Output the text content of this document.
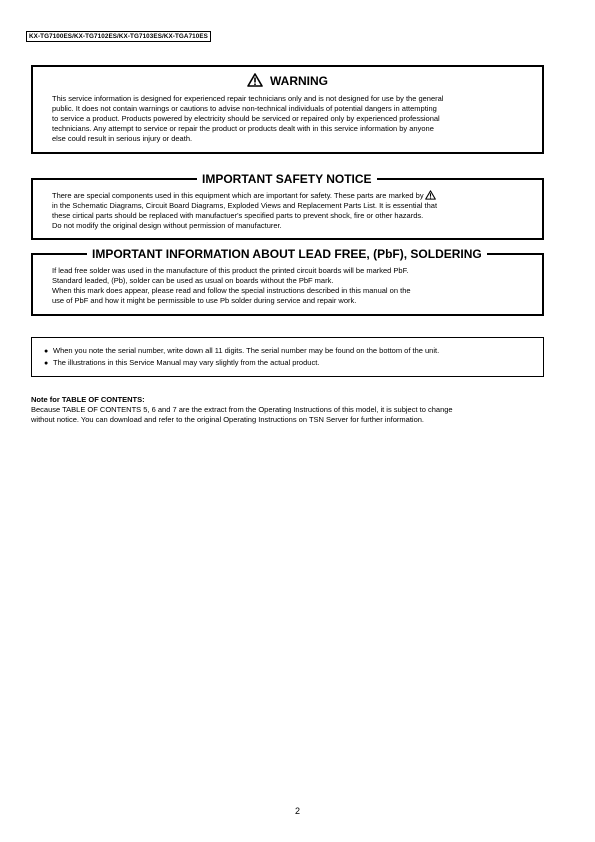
KX-TG7100ES/KX-TG7102ES/KX-TG7103ES/KX-TGA710ES
WARNING

This service information is designed for experienced repair technicians only and is not designed for use by the general

public. It does not contain warnings or cautions to advise non-technical individuals of potential dangers in attempting

to service a product. Products powered by electricity should be serviced or repaired only by experienced professional

technicians. Any attempt to service or repair the product or products dealt with in this service information by anyone

else could result in serious injury or death.

IMPORTANT SAFETY NOTICE

There are special components used in this equipment which are important for safety. These parts are marked by

in the Schematic Diagrams, Circuit Board Diagrams, Exploded Views and Replacement Parts List. It is essential that

these cirtical parts should be replaced with manufactuer's specified parts to prevent shock, fire or other hazards.

Do not modify the original design without permission of manufacturer.

IMPORTANT INFORMATION ABOUT LEAD FREE, (PbF), SOLDERING

If lead free solder was used in the manufacture of this product the printed circuit boards will be marked PbF.

Standard leaded, (Pb), solder can be used as usual on boards without the PbF mark.

When this mark does appear, please read and follow the special instructions described in this manual on the

use of PbF and how it might be permissible to use Pb solder during service and repair work.

● When you note the serial number, write down all 11 digits. The serial number may be found on the bottom of the unit.
● The illustrations in this Service Manual may vary slightly from the actual product.

Note for TABLE OF CONTENTS:

Because TABLE OF CONTENTS 5, 6 and 7 are the extract from the Operating Instructions of this model, it is subject to change
without notice. You can download and refer to the original Operating Instructions on TSN Server for further information.

2
